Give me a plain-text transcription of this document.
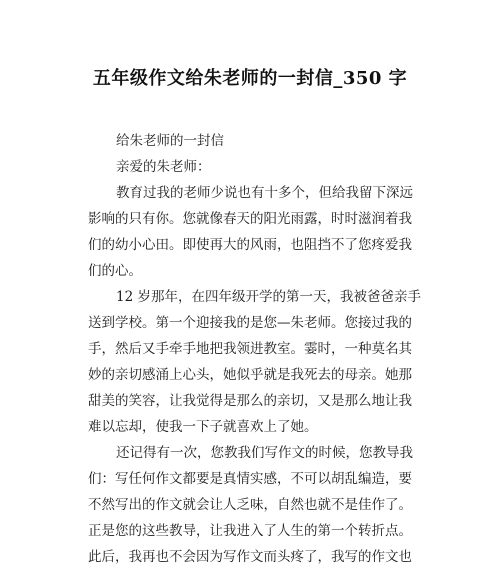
五年级作文给朱老师的一封信_350 字
给朱老师的一封信
亲爱的朱老师：
教育过我的老师少说也有十多个，但给我留下深远
影响的只有你。您就像春天的阳光雨露，时时滋润着我
们的幼小心田。即使再大的风雨，也阻挡不了您疼爱我
们的心。
12 岁那年，在四年级开学的第一天，我被爸爸亲手
送到学校。第一个迎接我的是您—朱老师。您接过我的
手，然后又手牵手地把我领进教室。霎时，一种莫名其
妙的亲切感涌上心头，她似乎就是我死去的母亲。她那
甜美的笑容，让我觉得是那么的亲切，又是那么地让我
难以忘却，使我一下子就喜欢上了她。
还记得有一次，您教我们写作文的时候，您教导我
们：写任何作文都要是真情实感，不可以胡乱编造，要
不然写出的作文就会让人乏味，自然也就不是佳作了。
正是您的这些教导，让我进入了人生的第一个转折点。
此后，我再也不会因为写作文而头疼了，我写的作文也
